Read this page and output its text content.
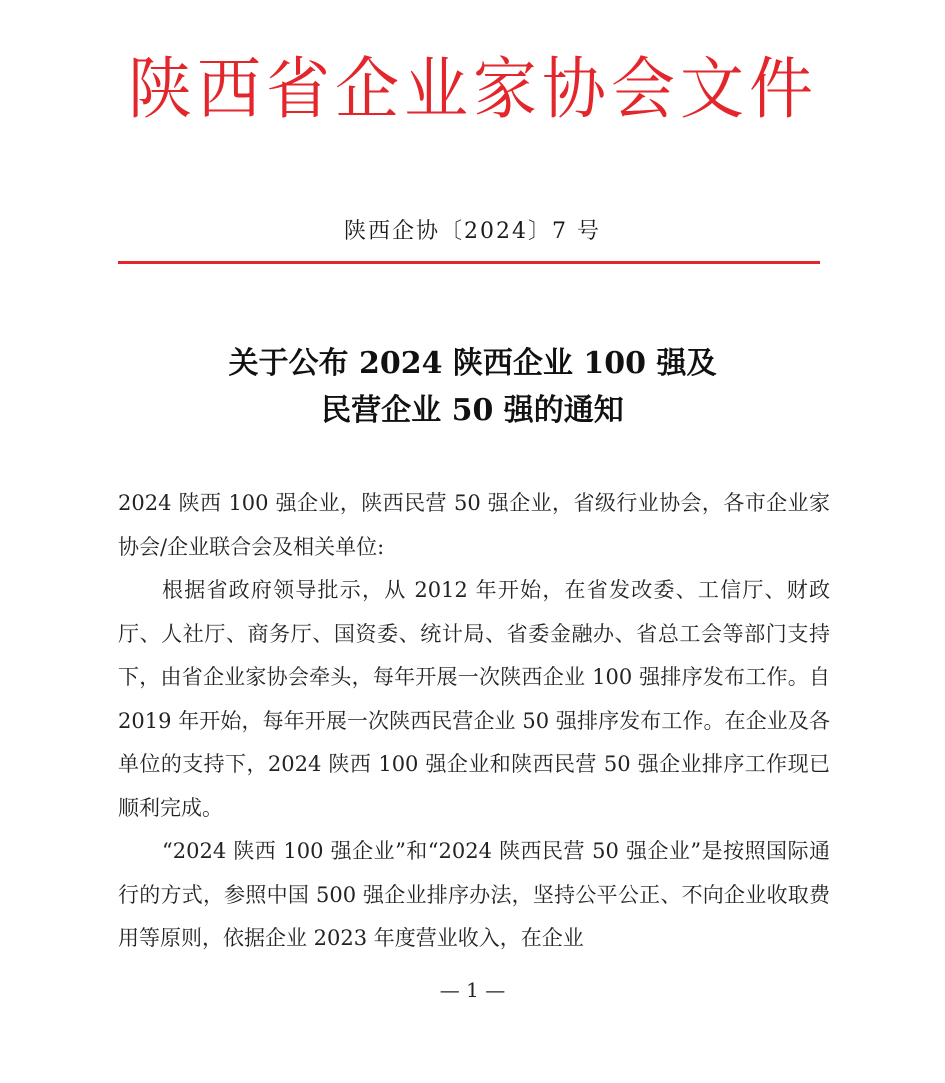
陕西省企业家协会文件
陕西企协〔2024〕7 号
关于公布 2024 陕西企业 100 强及
民营企业 50 强的通知

2024 陕西 100 强企业，陕西民营 50 强企业，省级行业协会，各市企业家协会/企业联合会及相关单位:

根据省政府领导批示，从 2012 年开始，在省发改委、工信厅、财政厅、人社厅、商务厅、国资委、统计局、省委金融办、省总工会等部门支持下，由省企业家协会牵头，每年开展一次陕西企业 100 强排序发布工作。自 2019 年开始，每年开展一次陕西民营企业 50 强排序发布工作。在企业及各单位的支持下，2024 陕西 100 强企业和陕西民营 50 强企业排序工作现已顺利完成。

“2024 陕西 100 强企业”和“2024 陕西民营 50 强企业”是按照国际通行的方式，参照中国 500 强企业排序办法，坚持公平公正、不向企业收取费用等原则，依据企业 2023 年度营业收入，在企业

— 1 —
